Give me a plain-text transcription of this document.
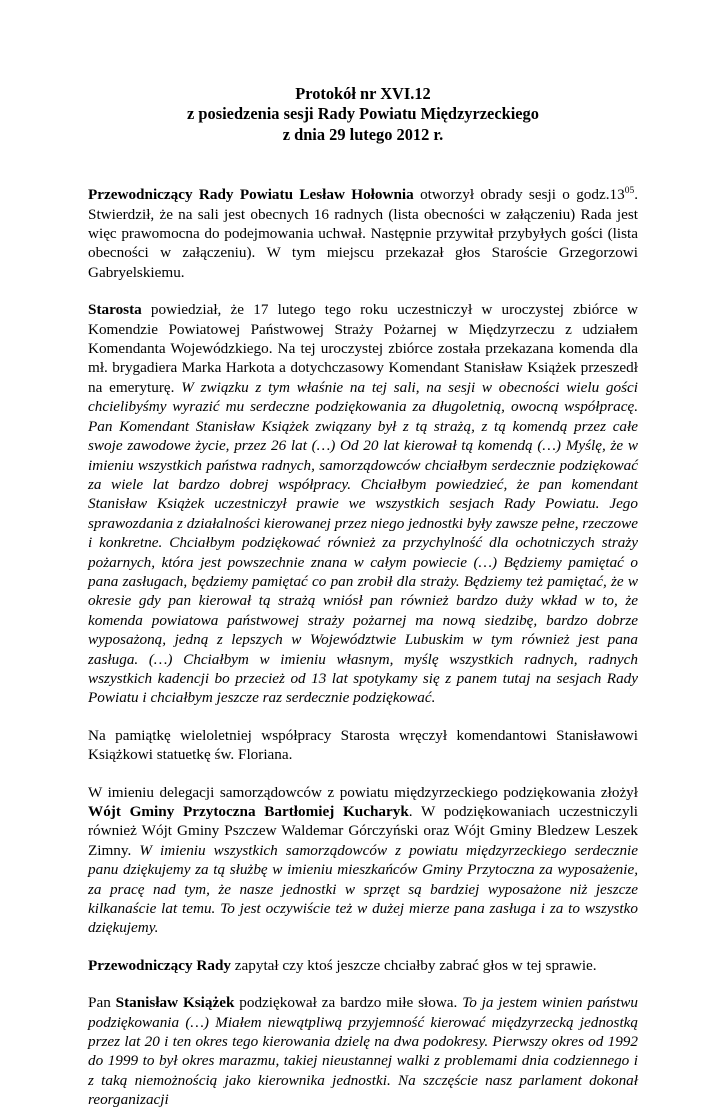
Protokół nr XVI.12
z posiedzenia sesji Rady Powiatu Międzyrzeckiego
z dnia 29 lutego 2012 r.

Przewodniczący Rady Powiatu Lesław Hołownia otworzył obrady sesji o $godz.13^{05}$. Stwierdził, że na sali jest obecnych 16 radnych (lista obecności w załączeniu) Rada jest więc prawomocna do podejmowania uchwał. Następnie przywitał przybyłych gości (lista obecności w załączeniu). W tym miejscu przekazał głos Staroście Grzegorzowi Gabryelskiemu.

Starosta powiedział, że 17 lutego tego roku uczestniczył w uroczystej zbiórce w Komendzie Powiatowej Państwowej Straży Pożarnej w Międzyrzeczu z udziałem Komendanta Wojewódzkiego. Na tej uroczystej zbiórce została przekazana komenda dla mł. brygadiera Marka Harkota a dotychczasowy Komendant Stanisław Książek przeszedł na emeryturę. W związku z tym właśnie na tej sali, na sesji w obecności wielu gości chcielibyśmy wyrazić mu serdeczne podziękowania za długoletnią, owocną współpracę. Pan Komendant Stanisław Książek związany był z tą strażą, z tą komendą przez całe swoje zawodowe życie, przez 26 lat (…) Od 20 lat kierował tą komendą (…) Myślę, że w imieniu wszystkich państwa radnych, samorządowców chciałbym serdecznie podziękować za wiele lat bardzo dobrej współpracy. Chciałbym powiedzieć, że pan komendant Stanisław Książek uczestniczył prawie we wszystkich sesjach Rady Powiatu. Jego sprawozdania z działalności kierowanej przez niego jednostki były zawsze pełne, rzeczowe i konkretne. Chciałbym podziękować również za przychylność dla ochotniczych straży pożarnych, która jest powszechnie znana w całym powiecie (…) Będziemy pamiętać o pana zasługach, będziemy pamiętać co pan zrobił dla straży. Będziemy też pamiętać, że w okresie gdy pan kierował tą strażą wniósł pan również bardzo duży wkład w to, że komenda powiatowa państwowej straży pożarnej ma nową siedzibę, bardzo dobrze wyposażoną, jedną z lepszych w Województwie Lubuskim w tym również jest pana zasługa. (…) Chciałbym w imieniu własnym, myślę wszystkich radnych, radnych wszystkich kadencji bo przecież od 13 lat spotykamy się z panem tutaj na sesjach Rady Powiatu i chciałbym jeszcze raz serdecznie podziękować.

Na pamiątkę wieloletniej współpracy Starosta wręczył komendantowi Stanisławowi Książkowi statuetkę św. Floriana.

W imieniu delegacji samorządowców z powiatu międzyrzeckiego podziękowania złożył Wójt Gminy Przytoczna Bartłomiej Kucharyk. W podziękowaniach uczestniczyli również Wójt Gminy Pszczew Waldemar Górczyński oraz Wójt Gminy Bledzew Leszek Zimny. W imieniu wszystkich samorządowców z powiatu międzyrzeckiego serdecznie panu dziękujemy za tą służbę w imieniu mieszkańców Gminy Przytoczna za wyposażenie, za pracę nad tym, że nasze jednostki w sprzęt są bardziej wyposażone niż jeszcze kilkanaście lat temu. To jest oczywiście też w dużej mierze pana zasługa i za to wszystko dziękujemy.

Przewodniczący Rady zapytał czy ktoś jeszcze chciałby zabrać głos w tej sprawie.

Pan Stanisław Książek podziękował za bardzo miłe słowa. To ja jestem winien państwu podziękowania (…) Miałem niewątpliwą przyjemność kierować międzyrzecką jednostką przez lat 20 i ten okres tego kierowania dzielę na dwa podokresy. Pierwszy okres od 1992 do 1999 to był okres marazmu, takiej nieustannej walki z problemami dnia codziennego i z taką niemożnością jako kierownika jednostki. Na szczęście nasz parlament dokonał reorganizacji
